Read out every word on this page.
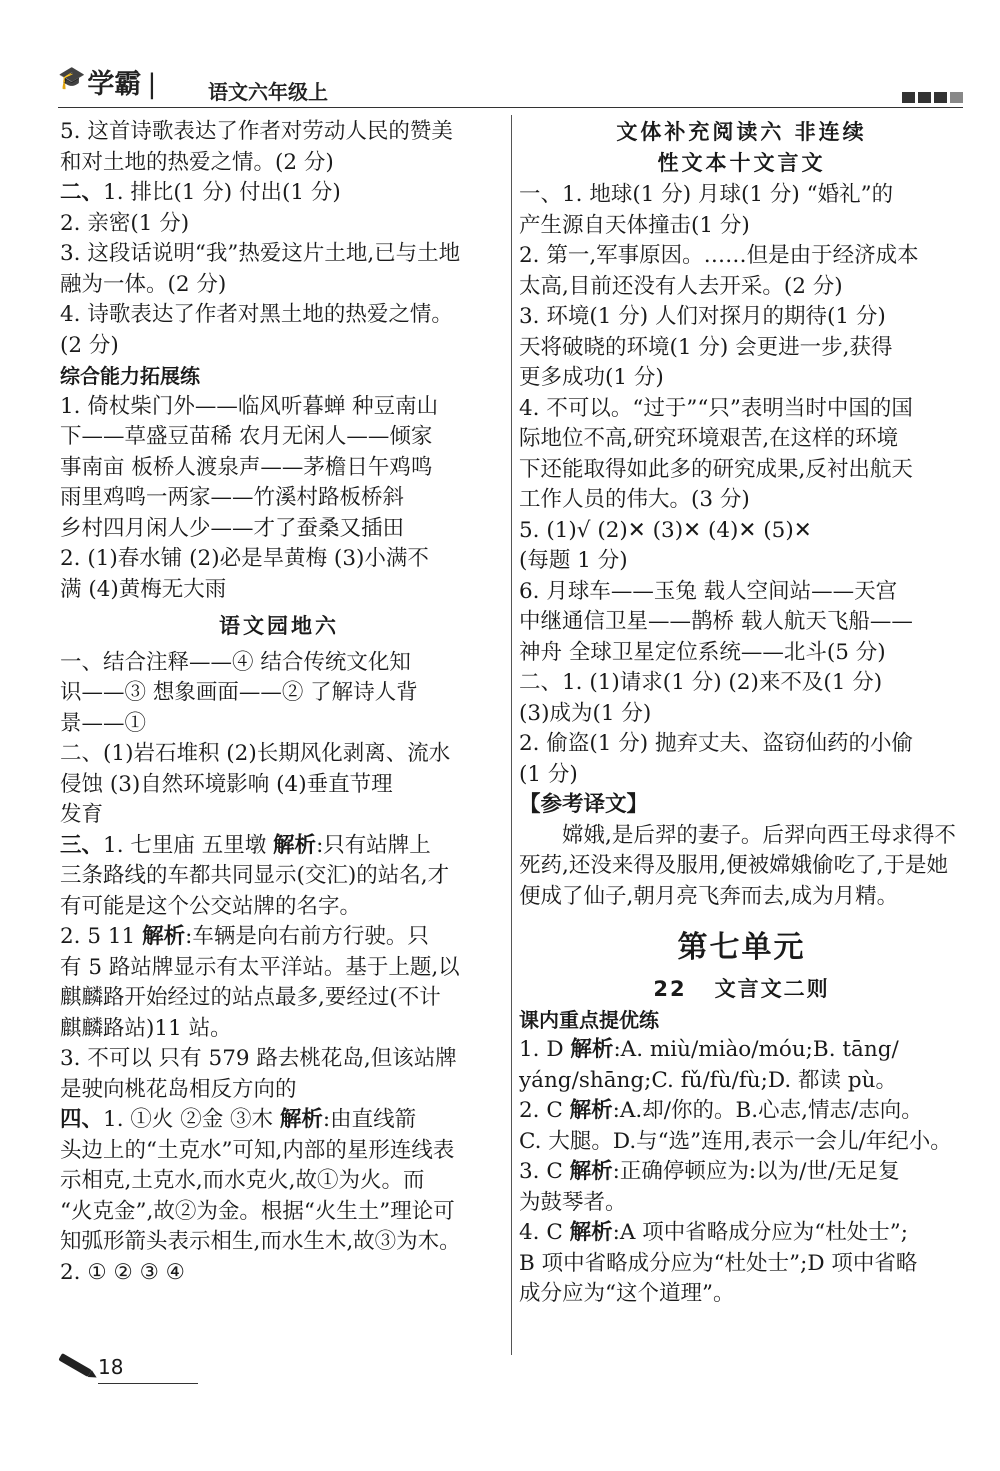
🎓学霸 |	语文六年级上
5. 这首诗歌表达了作者对劳动人民的赞美
和对土地的热爱之情。(2 分)
二、1. 排比(1 分) 付出(1 分)
2. 亲密(1 分)
3. 这段话说明“我”热爱这片土地,已与土地
融为一体。(2 分)
4. 诗歌表达了作者对黑土地的热爱之情。
(2 分)
综合能力拓展练
1. 倚杖柴门外——临风听暮蝉 种豆南山
下——草盛豆苗稀 农月无闲人——倾家
事南亩 板桥人渡泉声——茅檐日午鸡鸣
雨里鸡鸣一两家——竹溪村路板桥斜
乡村四月闲人少——才了蚕桑又插田
2. (1)春水铺 (2)必是旱黄梅 (3)小满不
满 (4)黄梅无大雨
语文园地六
一、结合注释——④ 结合传统文化知
识——③ 想象画面——② 了解诗人背
景——①
二、(1)岩石堆积 (2)长期风化剥离、流水
侵蚀 (3)自然环境影响 (4)垂直节理
发育
三、1. 七里庙 五里墩 解析:只有站牌上
三条路线的车都共同显示(交汇)的站名,才
有可能是这个公交站牌的名字。
2. 5 11 解析:车辆是向右前方行驶。只
有 5 路站牌显示有太平洋站。基于上题,以
麒麟路开始经过的站点最多,要经过(不计
麒麟路站)11 站。
3. 不可以 只有 579 路去桃花岛,但该站牌
是驶向桃花岛相反方向的
四、1. ①火 ②金 ③木 解析:由直线箭
头边上的“土克水”可知,内部的星形连线表
示相克,土克水,而水克火,故①为火。而
“火克金”,故②为金。根据“火生土”理论可
知弧形箭头表示相生,而水生木,故③为木。
2. ① ② ③ ④
文体补充阅读六 非连续
性文本十文言文
一、1. 地球(1 分) 月球(1 分) “婚礼”的
产生源自天体撞击(1 分)
2. 第一,军事原因。……但是由于经济成本
太高,目前还没有人去开采。(2 分)
3. 环境(1 分) 人们对探月的期待(1 分)
天将破晓的环境(1 分) 会更进一步,获得
更多成功(1 分)
4. 不可以。“过于”“只”表明当时中国的国
际地位不高,研究环境艰苦,在这样的环境
下还能取得如此多的研究成果,反衬出航天
工作人员的伟大。(3 分)
5. (1)√ (2)✕ (3)✕ (4)✕ (5)✕
(每题 1 分)
6. 月球车——玉兔 载人空间站——天宫
中继通信卫星——鹊桥 载人航天飞船——
神舟 全球卫星定位系统——北斗(5 分)
二、1. (1)请求(1 分) (2)来不及(1 分)
(3)成为(1 分)
2. 偷盗(1 分) 抛弃丈夫、盗窃仙药的小偷
(1 分)
【参考译文】
嫦娥,是后羿的妻子。后羿向西王母求得不死药,还没来得及服用,便被嫦娥偷吃了,于是她便成了仙子,朝月亮飞奔而去,成为月精。
第七单元
22 文言文二则
课内重点提优练
1. D 解析:A. miù/miào/móu;B. tāng/
yáng/shāng;C. fǔ/fù/fù;D. 都读 pù。
2. C 解析:A.却/你的。B.心志,情志/志向。
C. 大腿。D.与“选”连用,表示一会儿/年纪小。
3. C 解析:正确停顿应为:以为/世/无足复
为鼓琴者。
4. C 解析:A 项中省略成分应为“杜处士”;
B 项中省略成分应为“杜处士”;D 项中省略
成分应为“这个道理”。
18
